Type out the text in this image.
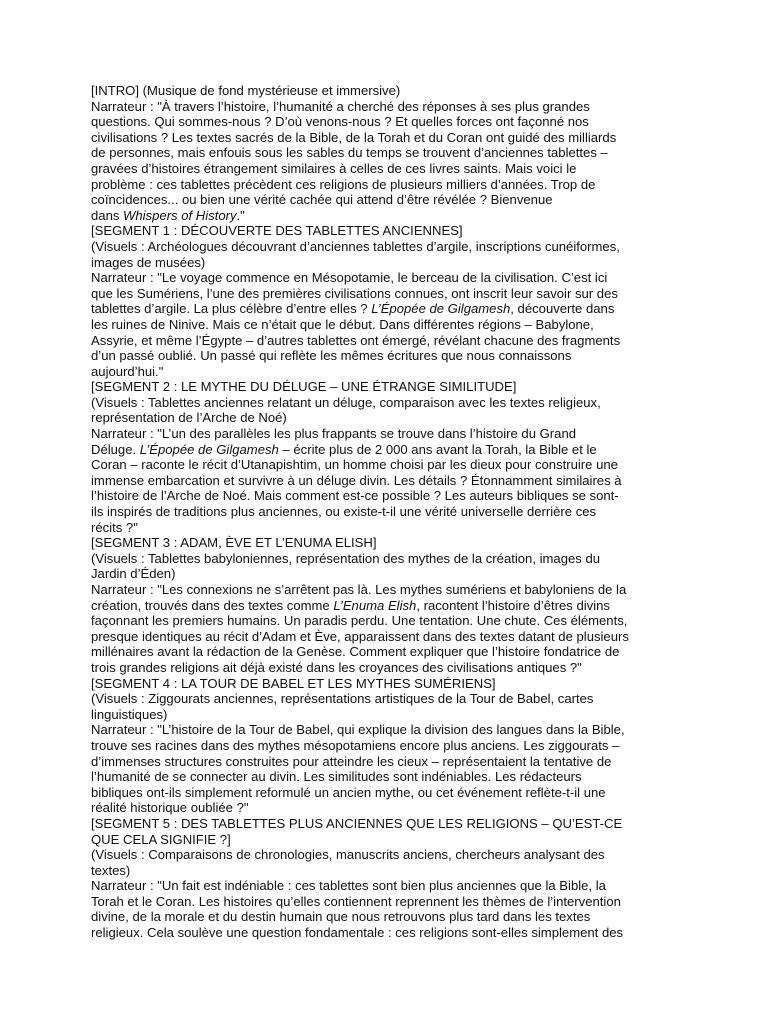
[INTRO] (Musique de fond mystérieuse et immersive)

Narrateur : "À travers l’histoire, l’humanité a cherché des réponses à ses plus grandes

questions. Qui sommes-nous ? D’où venons-nous ? Et quelles forces ont façonné nos

civilisations ? Les textes sacrés de la Bible, de la Torah et du Coran ont guidé des milliards

de personnes, mais enfouis sous les sables du temps se trouvent d’anciennes tablettes –

gravées d’histoires étrangement similaires à celles de ces livres saints. Mais voici le

problème : ces tablettes précèdent ces religions de plusieurs milliers d’années. Trop de

coïncidences... ou bien une vérité cachée qui attend d’être révélée ? Bienvenue

dans Whispers of History."

[SEGMENT 1 : DÉCOUVERTE DES TABLETTES ANCIENNES]

(Visuels : Archéologues découvrant d’anciennes tablettes d’argile, inscriptions cunéiformes,

images de musées)

Narrateur : "Le voyage commence en Mésopotamie, le berceau de la civilisation. C’est ici

que les Sumériens, l’une des premières civilisations connues, ont inscrit leur savoir sur des

tablettes d’argile. La plus célèbre d’entre elles ? L’Épopée de Gilgamesh, découverte dans

les ruines de Ninive. Mais ce n’était que le début. Dans différentes régions – Babylone,

Assyrie, et même l’Égypte – d’autres tablettes ont émergé, révélant chacune des fragments

d’un passé oublié. Un passé qui reflète les mêmes écritures que nous connaissons

aujourd’hui."

[SEGMENT 2 : LE MYTHE DU DÉLUGE – UNE ÉTRANGE SIMILITUDE]

(Visuels : Tablettes anciennes relatant un déluge, comparaison avec les textes religieux,

représentation de l’Arche de Noé)

Narrateur : "L’un des parallèles les plus frappants se trouve dans l’histoire du Grand

Déluge. L’Épopée de Gilgamesh – écrite plus de 2 000 ans avant la Torah, la Bible et le

Coran – raconte le récit d’Utanapishtim, un homme choisi par les dieux pour construire une

immense embarcation et survivre à un déluge divin. Les détails ? Étonnamment similaires à

l’histoire de l’Arche de Noé. Mais comment est-ce possible ? Les auteurs bibliques se sont-

ils inspirés de traditions plus anciennes, ou existe-t-il une vérité universelle derrière ces

récits ?"

[SEGMENT 3 : ADAM, ÈVE ET L’ENUMA ELISH]

(Visuels : Tablettes babyloniennes, représentation des mythes de la création, images du

Jardin d’Éden)

Narrateur : "Les connexions ne s’arrêtent pas là. Les mythes sumériens et babyloniens de la

création, trouvés dans des textes comme L’Enuma Elish, racontent l’histoire d’êtres divins

façonnant les premiers humains. Un paradis perdu. Une tentation. Une chute. Ces éléments,

presque identiques au récit d’Adam et Ève, apparaissent dans des textes datant de plusieurs

millénaires avant la rédaction de la Genèse. Comment expliquer que l’histoire fondatrice de

trois grandes religions ait déjà existé dans les croyances des civilisations antiques ?"

[SEGMENT 4 : LA TOUR DE BABEL ET LES MYTHES SUMÉRIENS]

(Visuels : Ziggourats anciennes, représentations artistiques de la Tour de Babel, cartes

linguistiques)

Narrateur : "L’histoire de la Tour de Babel, qui explique la division des langues dans la Bible,

trouve ses racines dans des mythes mésopotamiens encore plus anciens. Les ziggourats –

d’immenses structures construites pour atteindre les cieux – représentaient la tentative de

l’humanité de se connecter au divin. Les similitudes sont indéniables. Les rédacteurs

bibliques ont-ils simplement reformulé un ancien mythe, ou cet événement reflète-t-il une

réalité historique oubliée ?"

[SEGMENT 5 : DES TABLETTES PLUS ANCIENNES QUE LES RELIGIONS – QU’EST-CE

QUE CELA SIGNIFIE ?]

(Visuels : Comparaisons de chronologies, manuscrits anciens, chercheurs analysant des

textes)

Narrateur : "Un fait est indéniable : ces tablettes sont bien plus anciennes que la Bible, la

Torah et le Coran. Les histoires qu’elles contiennent reprennent les thèmes de l’intervention

divine, de la morale et du destin humain que nous retrouvons plus tard dans les textes

religieux. Cela soulève une question fondamentale : ces religions sont-elles simplement des
